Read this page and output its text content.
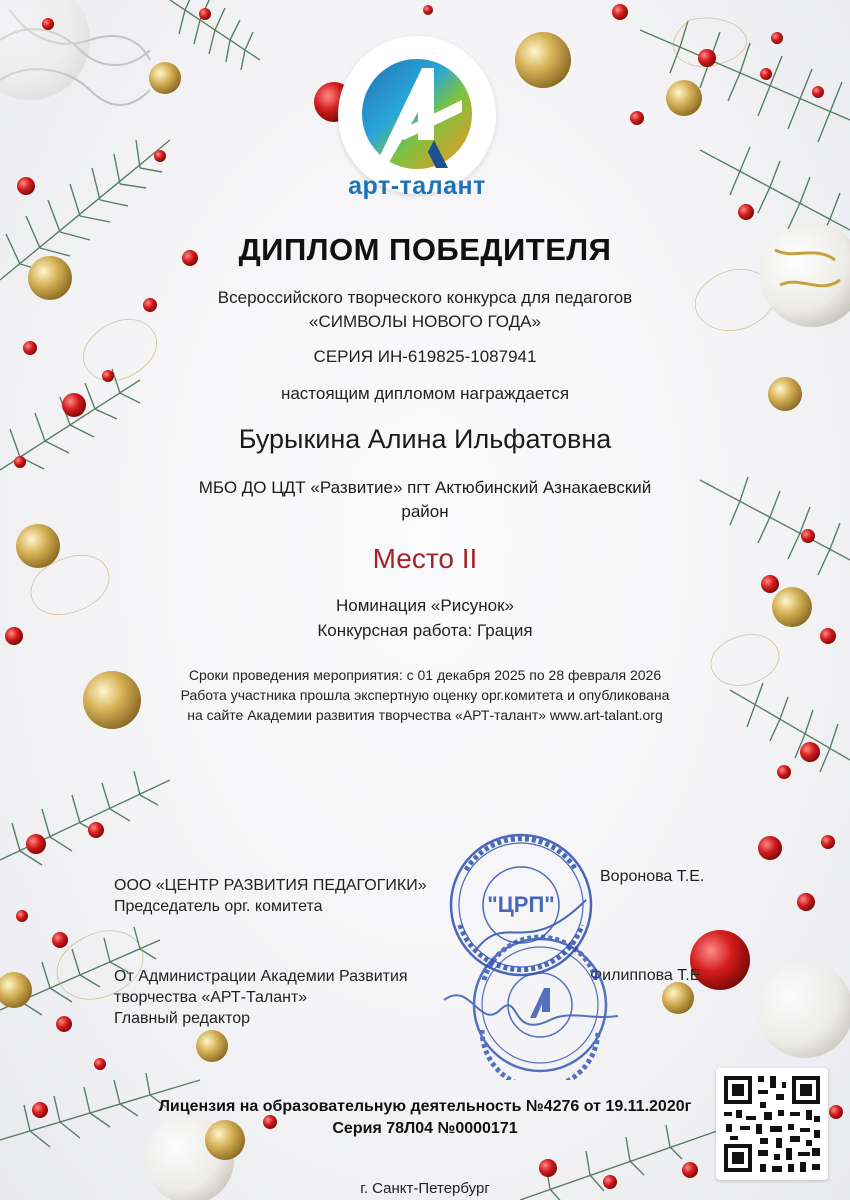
арт-талант
ДИПЛОМ ПОБЕДИТЕЛЯ
Всероссийского творческого конкурса для педагогов
«СИМВОЛЫ НОВОГО ГОДА»
СЕРИЯ ИН-619825-1087941
настоящим дипломом награждается
Бурыкина Алина Ильфатовна
МБО ДО ЦДТ «Развитие» пгт Актюбинский Азнакаевский
район
Место II
Номинация «Рисунок»
Конкурсная работа: Грация
Сроки проведения мероприятия: с 01 декабря 2025 по 28 февраля 2026
Работа участника прошла экспертную оценку орг.комитета и опубликована
на сайте Академии развития творчества «АРТ-талант» www.art-talant.org
ООО «ЦЕНТР РАЗВИТИЯ ПЕДАГОГИКИ»
Председатель орг. комитета
Воронова Т.Е.
От Администрации Академии Развития
творчества «АРТ-Талант»
Главный редактор
Филиппова Т.Е
"ЦРП"
Лицензия на образовательную деятельность №4276 от 19.11.2020г
Серия 78Л04 №0000171
г. Санкт-Петербург
